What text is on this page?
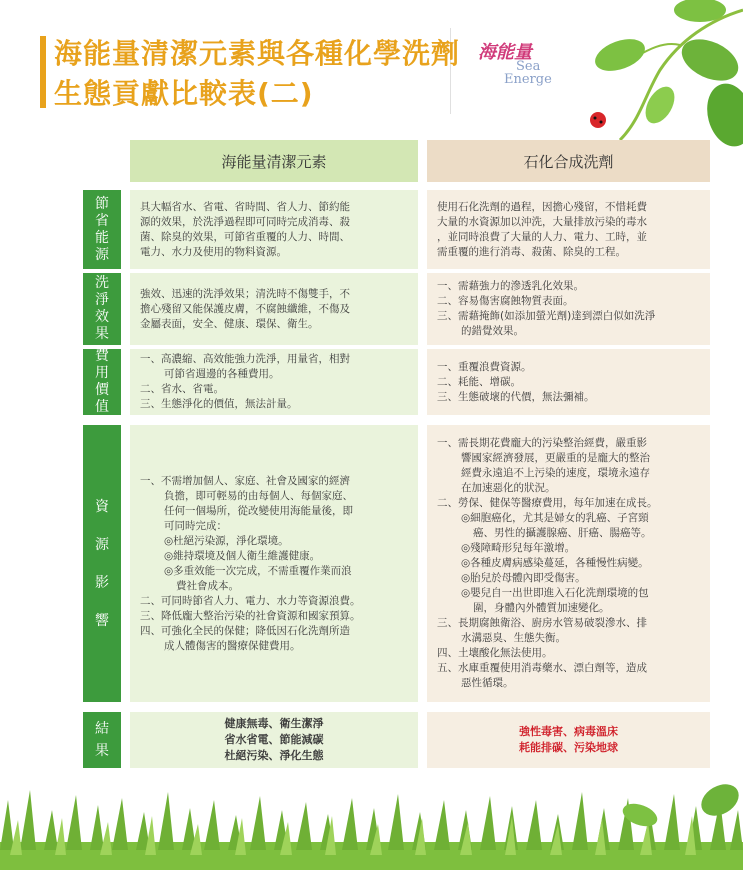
海能量清潔元素與各種化學洗劑
生態貢獻比較表(二)
海能量
Sea
Energe
海能量清潔元素	石化合成洗劑
節省能源

具大幅省水、省電、省時間、省人力、節約能

源的效果，於洗淨過程即可同時完成消毒、殺

菌、除臭的效果，可節省重覆的人力、時間、

電力、水力及使用的物料資源。

使用石化洗劑的過程，因擔心殘留，不惜耗費

大量的水資源加以沖洗，大量排放污染的毒水

，並同時浪費了大量的人力、電力、工時，並

需重覆的進行消毒、殺菌、除臭的工程。

洗淨效果

強效、迅速的洗淨效果；清洗時不傷雙手，不

擔心殘留又能保護皮膚，不腐蝕纖維，不傷及

金屬表面，安全、健康、環保、衛生。

一、需藉強力的滲透乳化效果。

二、容易傷害腐蝕物質表面。

三、需藉掩飾(如添加螢光劑)達到漂白似如洗淨

的錯覺效果。

費用價值

一、高濃縮、高效能強力洗淨，用量省，相對

可節省週邊的各種費用。

二、省水、省電。

三、生態淨化的價值，無法計量。

一、重覆浪費資源。

二、耗能、增碳。

三、生態破壞的代價，無法彌補。

資源影響

一、不需增加個人、家庭、社會及國家的經濟

負擔，即可輕易的由每個人、每個家庭、

任何一個場所，從改變使用海能量後，即

可同時完成：

◎杜絕污染源，淨化環境。

◎維持環境及個人衛生維護健康。

◎多重效能一次完成，不需重覆作業而浪

費社會成本。

二、可同時節省人力、電力、水力等資源浪費。

三、降低龐大整治污染的社會資源和國家預算。

四、可強化全民的保健；降低因石化洗劑所造

成人體傷害的醫療保健費用。

一、需長期花費龐大的污染整治經費，嚴重影

響國家經濟發展，更嚴重的是龐大的整治

經費永遠追不上污染的速度，環境永遠存

在加速惡化的狀況。

二、勞保、健保等醫療費用，每年加速在成長。

◎細胞癌化，尤其是婦女的乳癌、子宮頸

癌、男性的攝護腺癌、肝癌、腸癌等。

◎殘障畸形兒每年激增。

◎各種皮膚病感染蔓延，各種慢性病變。

◎胎兒於母體內即受傷害。

◎嬰兒自一出世即進入石化洗劑環境的包

圍，身體內外體質加速變化。

三、長期腐蝕衛浴、廚房水管易破裂滲水、排

水溝惡臭、生態失衡。

四、土壤酸化無法使用。

五、水庫重覆使用消毒藥水、漂白劑等，造成

惡性循環。

結果

健康無毒、衛生潔淨

省水省電、節能減碳

杜絕污染、淨化生態

強性毒害、病毒溫床

耗能排碳、污染地球
